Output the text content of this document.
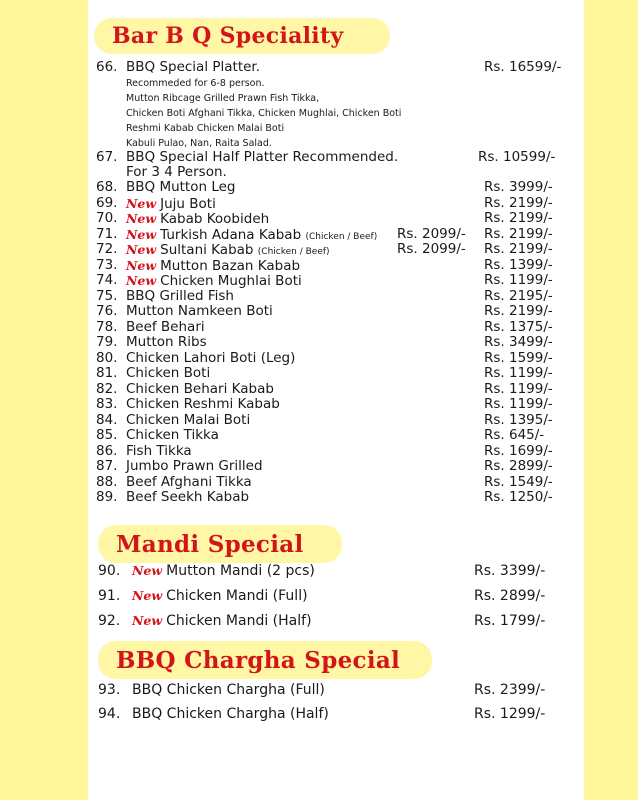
Bar B Q Speciality
66. BBQ Special Platter.	Rs. 16599/-
Recommeded for 6-8 person.
Mutton Ribcage Grilled Prawn Fish Tikka,
Chicken Boti Afghani Tikka, Chicken Mughlai, Chicken Boti
Reshmi Kabab Chicken Malai Boti
Kabuli Pulao, Nan, Raita Salad.
67. BBQ Special Half Platter Recommended.	Rs. 10599/-
For 3 4 Person.
68. BBQ Mutton Leg	Rs. 3999/-
69. New Juju Boti	Rs. 2199/-
70. New Kabab Koobideh	Rs. 2199/-
71. New Turkish Adana Kabab (Chicken / Beef) Rs. 2099/- Rs. 2199/-
72. New Sultani Kabab (Chicken / Beef)	Rs. 2099/- Rs. 2199/-
73. New Mutton Bazan Kabab	Rs. 1399/-
74. New Chicken Mughlai Boti	Rs. 1199/-
75. BBQ Grilled Fish	Rs. 2195/-
76. Mutton Namkeen Boti	Rs. 2199/-
78. Beef Behari	Rs. 1375/-
79. Mutton Ribs	Rs. 3499/-
80. Chicken Lahori Boti (Leg)	Rs. 1599/-
81. Chicken Boti	Rs. 1199/-
82. Chicken Behari Kabab	Rs. 1199/-
83. Chicken Reshmi Kabab	Rs. 1199/-
84. Chicken Malai Boti	Rs. 1395/-
85. Chicken Tikka	Rs. 645/-
86. Fish Tikka	Rs. 1699/-
87. Jumbo Prawn Grilled	Rs. 2899/-
88. Beef Afghani Tikka	Rs. 1549/-
89. Beef Seekh Kabab	Rs. 1250/-
Mandi Special
90. New Mutton Mandi (2 pcs)	Rs. 3399/-
91. New Chicken Mandi (Full)	Rs. 2899/-
92. New Chicken Mandi (Half)	Rs. 1799/-
BBQ Chargha Special
93. BBQ Chicken Chargha (Full)	Rs. 2399/-
94. BBQ Chicken Chargha (Half)	Rs. 1299/-
